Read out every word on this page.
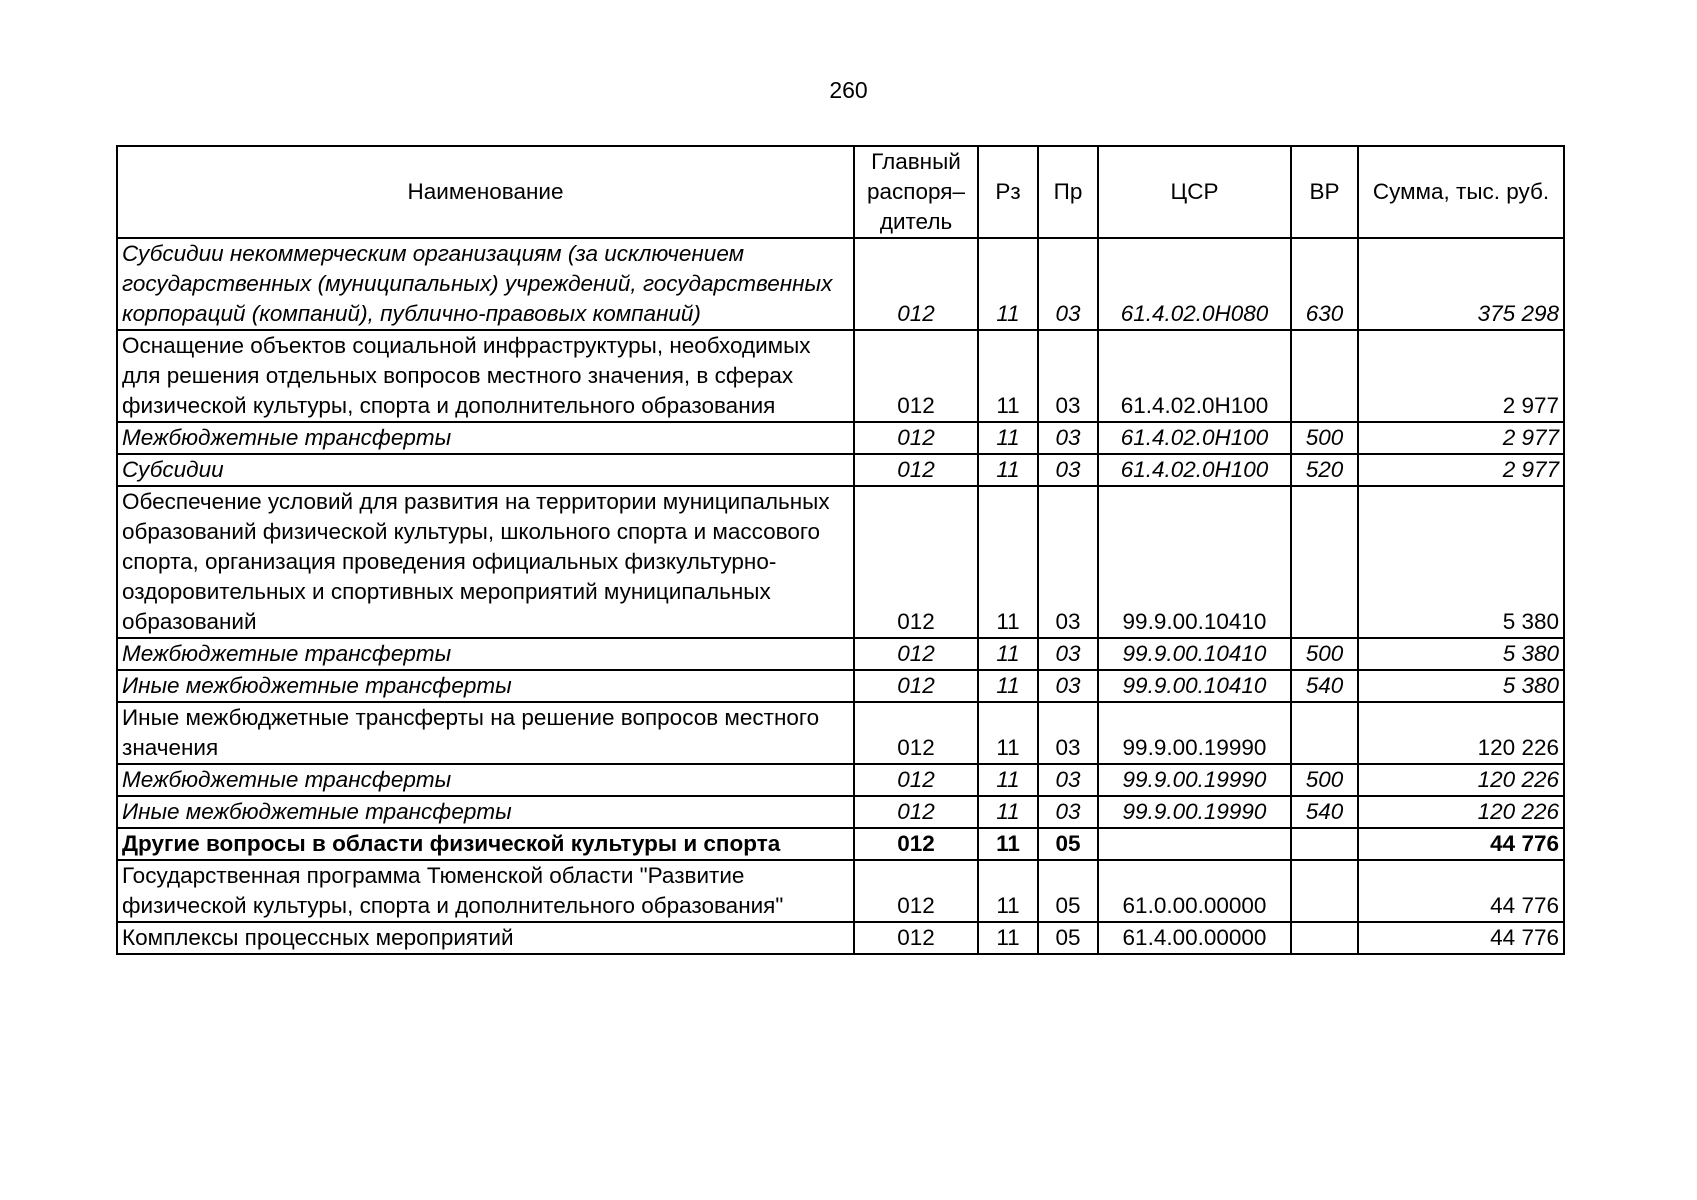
260
Наименование	Главный распоря–дитель	Рз	Пр	ЦСР	ВР	Сумма, тыс. руб.
Субсидии некоммерческим организациям (за исключением государственных (муниципальных) учреждений, государственных корпораций (компаний), публично-правовых компаний)	012	11	03	61.4.02.0Н080	630	375 298
Оснащение объектов социальной инфраструктуры, необходимых для решения отдельных вопросов местного значения, в сферах физической культуры, спорта и дополнительного образования	012	11	03	61.4.02.0Н100		2 977
Межбюджетные трансферты	012	11	03	61.4.02.0Н100	500	2 977
Субсидии	012	11	03	61.4.02.0Н100	520	2 977
Обеспечение условий для развития на территории муниципальных образований физической культуры, школьного спорта и массового спорта, организация проведения официальных физкультурно-оздоровительных и спортивных мероприятий муниципальных образований	012	11	03	99.9.00.10410		5 380
Межбюджетные трансферты	012	11	03	99.9.00.10410	500	5 380
Иные межбюджетные трансферты	012	11	03	99.9.00.10410	540	5 380
Иные межбюджетные трансферты на решение вопросов местного значения	012	11	03	99.9.00.19990		120 226
Межбюджетные трансферты	012	11	03	99.9.00.19990	500	120 226
Иные межбюджетные трансферты	012	11	03	99.9.00.19990	540	120 226
Другие вопросы в области физической культуры и спорта	012	11	05			44 776
Государственная программа Тюменской области "Развитие физической культуры, спорта и дополнительного образования"	012	11	05	61.0.00.00000		44 776
Комплексы процессных мероприятий	012	11	05	61.4.00.00000		44 776
